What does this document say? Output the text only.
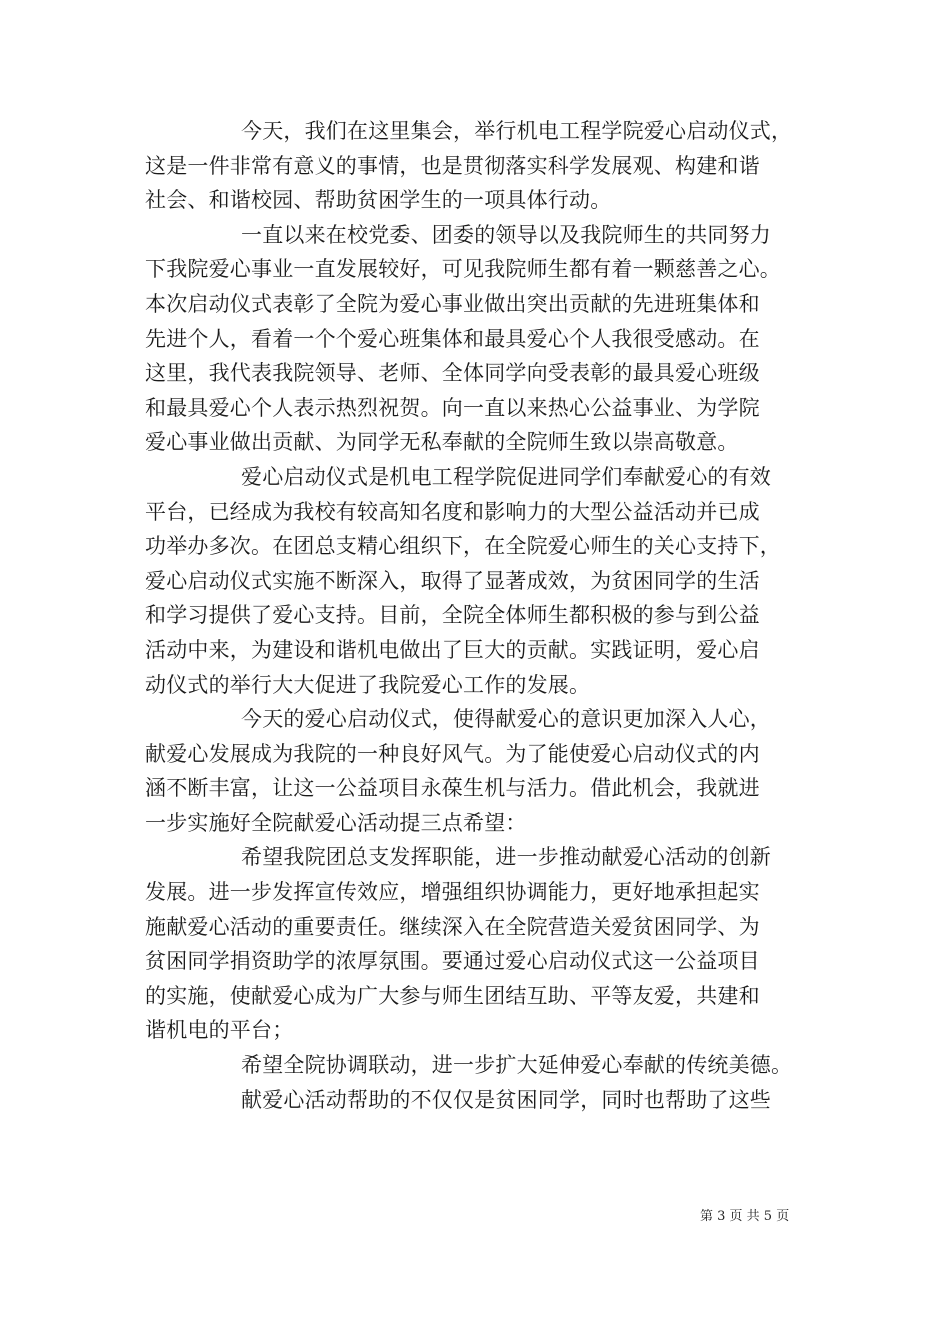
今天，我们在这里集会，举行机电工程学院爱心启动仪式，
这是一件非常有意义的事情，也是贯彻落实科学发展观、构建和谐
社会、和谐校园、帮助贫困学生的一项具体行动。
一直以来在校党委、团委的领导以及我院师生的共同努力
下我院爱心事业一直发展较好，可见我院师生都有着一颗慈善之心。
本次启动仪式表彰了全院为爱心事业做出突出贡献的先进班集体和
先进个人，看着一个个爱心班集体和最具爱心个人我很受感动。在
这里，我代表我院领导、老师、全体同学向受表彰的最具爱心班级
和最具爱心个人表示热烈祝贺。向一直以来热心公益事业、为学院
爱心事业做出贡献、为同学无私奉献的全院师生致以崇高敬意。
爱心启动仪式是机电工程学院促进同学们奉献爱心的有效
平台，已经成为我校有较高知名度和影响力的大型公益活动并已成
功举办多次。在团总支精心组织下，在全院爱心师生的关心支持下，
爱心启动仪式实施不断深入，取得了显著成效，为贫困同学的生活
和学习提供了爱心支持。目前，全院全体师生都积极的参与到公益
活动中来，为建设和谐机电做出了巨大的贡献。实践证明，爱心启
动仪式的举行大大促进了我院爱心工作的发展。
今天的爱心启动仪式，使得献爱心的意识更加深入人心，
献爱心发展成为我院的一种良好风气。为了能使爱心启动仪式的内
涵不断丰富，让这一公益项目永葆生机与活力。借此机会，我就进
一步实施好全院献爱心活动提三点希望：
希望我院团总支发挥职能，进一步推动献爱心活动的创新
发展。进一步发挥宣传效应，增强组织协调能力，更好地承担起实
施献爱心活动的重要责任。继续深入在全院营造关爱贫困同学、为
贫困同学捐资助学的浓厚氛围。要通过爱心启动仪式这一公益项目
的实施，使献爱心成为广大参与师生团结互助、平等友爱，共建和
谐机电的平台；
希望全院协调联动，进一步扩大延伸爱心奉献的传统美德。
献爱心活动帮助的不仅仅是贫困同学，同时也帮助了这些
第 3 页 共 5 页
